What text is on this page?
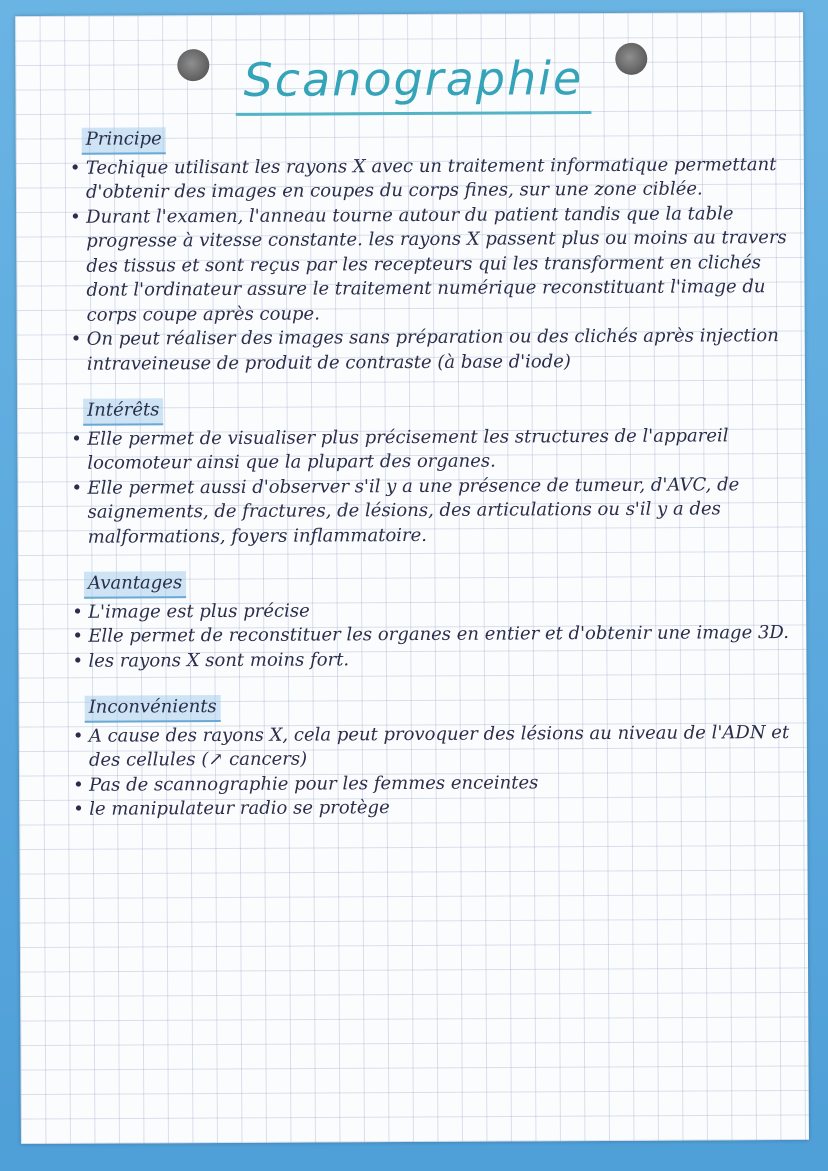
Scanographie
Principe
• Techique utilisant les rayons X avec un traitement informatique permettant d'obtenir des images en coupes du corps fines, sur une zone ciblée.
• Durant l'examen, l'anneau tourne autour du patient tandis que la table progresse à vitesse constante. les rayons X passent plus ou moins au travers des tissus et sont reçus par les recepteurs qui les transforment en clichés dont l'ordinateur assure le traitement numérique reconstituant l'image du corps coupe après coupe.
• On peut réaliser des images sans préparation ou des clichés après injection intraveineuse de produit de contraste (à base d'iode)
Intérêts
• Elle permet de visualiser plus précisement les structures de l'appareil locomoteur ainsi que la plupart des organes.
• Elle permet aussi d'observer s'il y a une présence de tumeur, d'AVC, de saignements, de fractures, de lésions, des articulations ou s'il y a des malformations, foyers inflammatoire.
Avantages
• L'image est plus précise
• Elle permet de reconstituer les organes en entier et d'obtenir une image 3D.
• les rayons X sont moins fort.
Inconvénients
• A cause des rayons X, cela peut provoquer des lésions au niveau de l'ADN et des cellules (↗ cancers)
• Pas de scannographie pour les femmes enceintes
• le manipulateur radio se protège
